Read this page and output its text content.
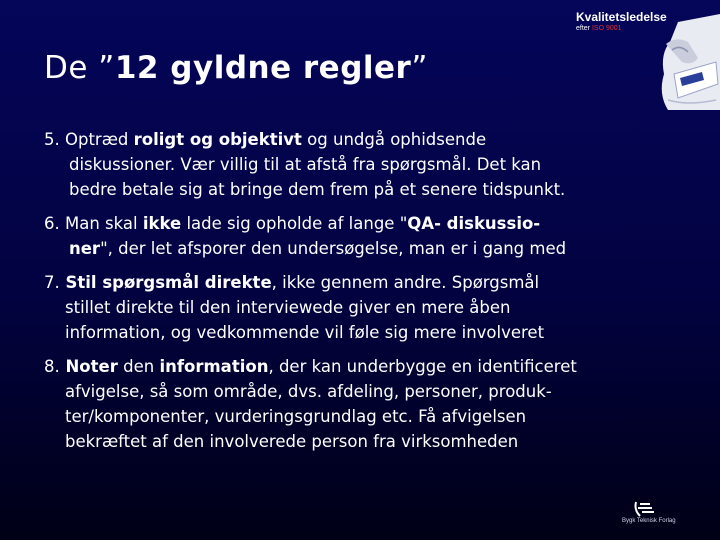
De ”12 gyldne regler”
Kvalitetsledelse
efter ISO 9001
5. Optræd roligt og objektivt og undgå ophidsende
diskussioner. Vær villig til at afstå fra spørgsmål. Det kan
bedre betale sig at bringe dem frem på et senere tidspunkt.
6. Man skal ikke lade sig opholde af lange "QA- diskussio-
ner", der let afsporer den undersøgelse, man er i gang med
7. Stil spørgsmål direkte, ikke gennem andre. Spørgsmål
stillet direkte til den interviewede giver en mere åben
information, og vedkommende vil føle sig mere involveret
8. Noter den information, der kan underbygge en identificeret
afvigelse, så som område, dvs. afdeling, personer, produk-
ter/komponenter, vurderingsgrundlag etc. Få afvigelsen
bekræftet af den involverede person fra virksomheden
Bygk Teknisk Forlag
